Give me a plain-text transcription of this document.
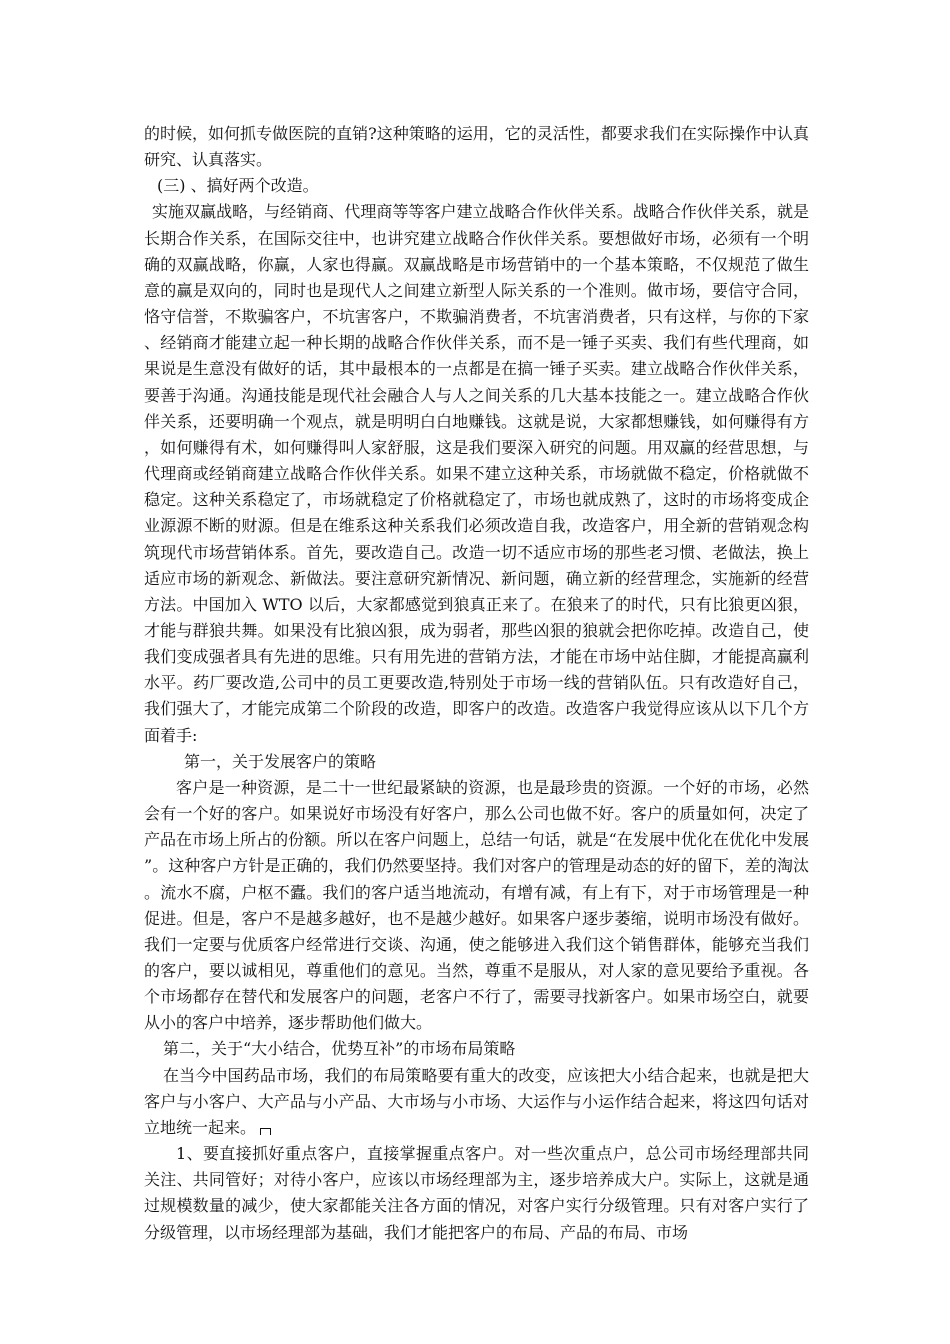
的时候，如何抓专做医院的直销?这种策略的运用，它的灵活性，都要求我们在实际操作中认真研究、认真落实。

(三) 、搞好两个改造。

实施双赢战略，与经销商、代理商等等客户建立战略合作伙伴关系。战略合作伙伴关系，就是长期合作关系，在国际交往中，也讲究建立战略合作伙伴关系。要想做好市场，必须有一个明确的双赢战略，你赢，人家也得赢。双赢战略是市场营销中的一个基本策略，不仅规范了做生意的赢是双向的，同时也是现代人之间建立新型人际关系的一个准则。做市场，要信守合同，恪守信誉，不欺骗客户，不坑害客户，不欺骗消费者，不坑害消费者，只有这样，与你的下家、经销商才能建立起一种长期的战略合作伙伴关系，而不是一锤子买卖、我们有些代理商，如果说是生意没有做好的话，其中最根本的一点都是在搞一锤子买卖。建立战略合作伙伴关系，要善于沟通。沟通技能是现代社会融合人与人之间关系的几大基本技能之一。建立战略合作伙伴关系，还要明确一个观点，就是明明白白地赚钱。这就是说，大家都想赚钱，如何赚得有方，如何赚得有术，如何赚得叫人家舒服，这是我们要深入研究的问题。用双赢的经营思想，与代理商或经销商建立战略合作伙伴关系。如果不建立这种关系，市场就做不稳定，价格就做不稳定。这种关系稳定了，市场就稳定了价格就稳定了，市场也就成熟了，这时的市场将变成企业源源不断的财源。但是在维系这种关系我们必须改造自我，改造客户，用全新的营销观念构筑现代市场营销体系。首先，要改造自己。改造一切不适应市场的那些老习惯、老做法，换上适应市场的新观念、新做法。要注意研究新情况、新问题，确立新的经营理念，实施新的经营方法。中国加入 WTO 以后，大家都感觉到狼真正来了。在狼来了的时代，只有比狼更凶狠，才能与群狼共舞。如果没有比狼凶狠，成为弱者，那些凶狠的狼就会把你吃掉。改造自己，使我们变成强者具有先进的思维。只有用先进的营销方法，才能在市场中站住脚，才能提高赢利水平。药厂要改造,公司中的员工更要改造,特别处于市场一线的营销队伍。只有改造好自己，我们强大了，才能完成第二个阶段的改造，即客户的改造。改造客户我觉得应该从以下几个方面着手:

第一，关于发展客户的策略

客户是一种资源，是二十一世纪最紧缺的资源，也是最珍贵的资源。一个好的市场，必然会有一个好的客户。如果说好市场没有好客户，那么公司也做不好。客户的质量如何，决定了产品在市场上所占的份额。所以在客户问题上，总结一句话，就是“在发展中优化在优化中发展”。这种客户方针是正确的，我们仍然要坚持。我们对客户的管理是动态的好的留下，差的淘汰。流水不腐，户枢不蠹。我们的客户适当地流动，有增有减，有上有下，对于市场管理是一种促进。但是，客户不是越多越好，也不是越少越好。如果客户逐步萎缩，说明市场没有做好。我们一定要与优质客户经常进行交谈、沟通，使之能够进入我们这个销售群体，能够充当我们的客户，要以诚相见，尊重他们的意见。当然，尊重不是服从，对人家的意见要给予重视。各个市场都存在替代和发展客户的问题，老客户不行了，需要寻找新客户。如果市场空白，就要从小的客户中培养，逐步帮助他们做大。

第二，关于“大小结合，优势互补”的市场布局策略

在当今中国药品市场，我们的布局策略要有重大的改变，应该把大小结合起来，也就是把大客户与小客户、大产品与小产品、大市场与小市场、大运作与小运作结合起来，将这四句话对立地统一起来。

1、要直接抓好重点客户，直接掌握重点客户。对一些次重点户，总公司市场经理部共同关注、共同管好；对待小客户，应该以市场经理部为主，逐步培养成大户。实际上，这就是通过规模数量的减少，使大家都能关注各方面的情况，对客户实行分级管理。只有对客户实行了分级管理，以市场经理部为基础，我们才能把客户的布局、产品的布局、市场
